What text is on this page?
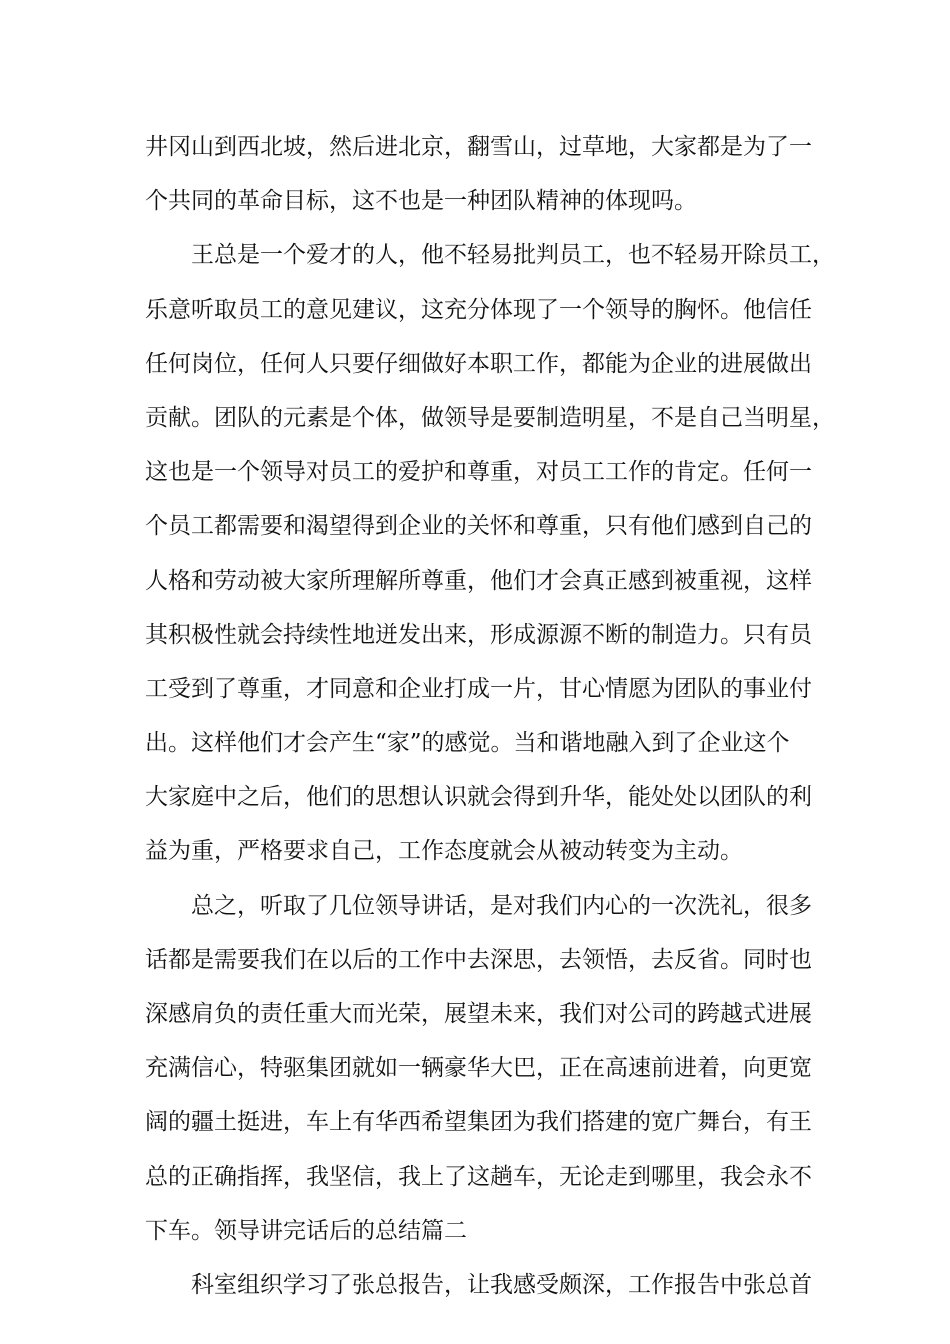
井冈山到西北坡，然后进北京，翻雪山，过草地，大家都是为了一
个共同的革命目标，这不也是一种团队精神的体现吗。
王总是一个爱才的人，他不轻易批判员工，也不轻易开除员工，
乐意听取员工的意见建议，这充分体现了一个领导的胸怀。他信任
任何岗位，任何人只要仔细做好本职工作，都能为企业的进展做出
贡献。团队的元素是个体，做领导是要制造明星，不是自己当明星，
这也是一个领导对员工的爱护和尊重，对员工工作的肯定。任何一
个员工都需要和渴望得到企业的关怀和尊重，只有他们感到自己的
人格和劳动被大家所理解所尊重，他们才会真正感到被重视，这样
其积极性就会持续性地迸发出来，形成源源不断的制造力。只有员
工受到了尊重，才同意和企业打成一片，甘心情愿为团队的事业付
出。这样他们才会产生“家”的感觉。当和谐地融入到了企业这个
大家庭中之后，他们的思想认识就会得到升华，能处处以团队的利
益为重，严格要求自己，工作态度就会从被动转变为主动。
总之，听取了几位领导讲话，是对我们内心的一次洗礼，很多
话都是需要我们在以后的工作中去深思，去领悟，去反省。同时也
深感肩负的责任重大而光荣，展望未来，我们对公司的跨越式进展
充满信心，特驱集团就如一辆豪华大巴，正在高速前进着，向更宽
阔的疆土挺进，车上有华西希望集团为我们搭建的宽广舞台，有王
总的正确指挥，我坚信，我上了这趟车，无论走到哪里，我会永不
下车。领导讲完话后的总结篇二
科室组织学习了张总报告，让我感受颇深，工作报告中张总首
